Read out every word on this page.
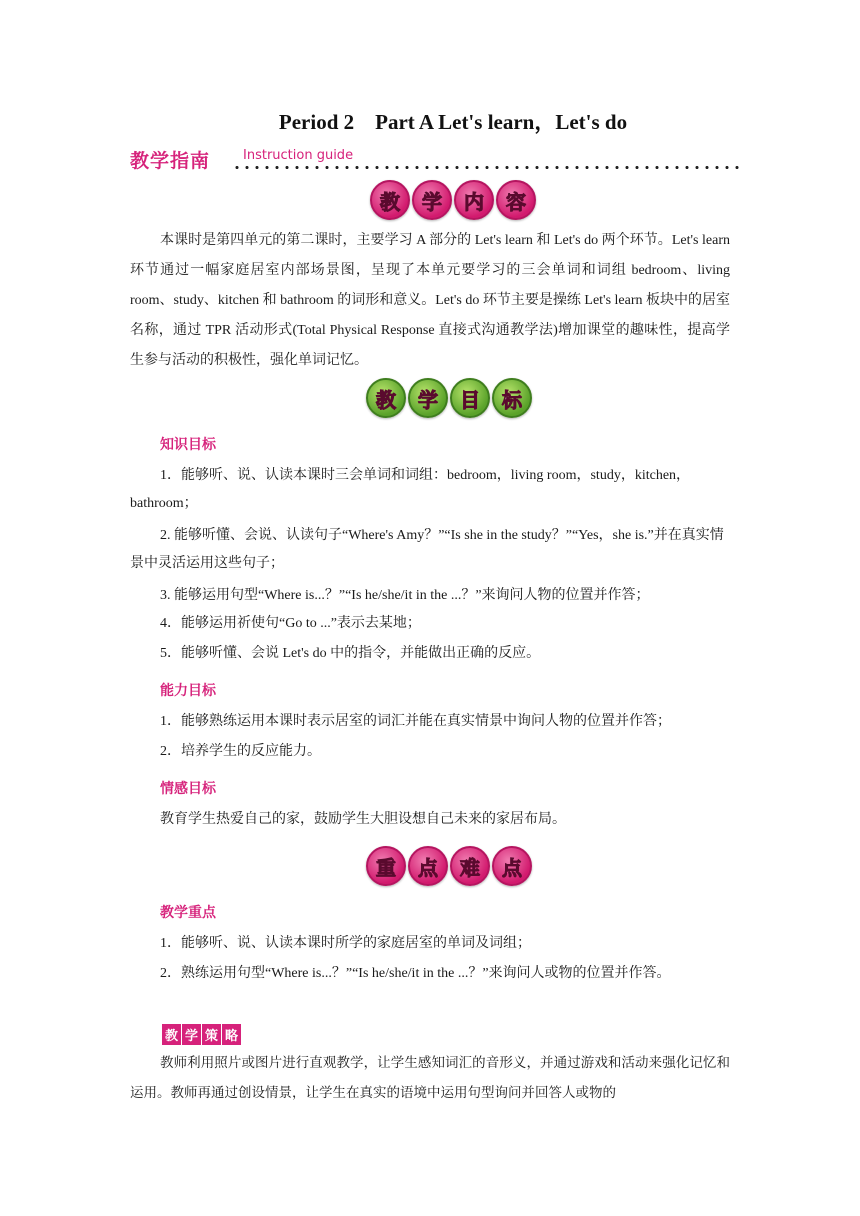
Period 2　Part A Let's learn，Let's do
教学指南	Instruction guide
教	学	内	容
本课时是第四单元的第二课时，主要学习 A 部分的 Let's learn 和 Let's do 两个环节。Let's learn 环节通过一幅家庭居室内部场景图，呈现了本单元要学习的三会单词和词组 bedroom、living room、study、kitchen 和 bathroom 的词形和意义。Let's do 环节主要是操练 Let's learn 板块中的居室名称，通过 TPR 活动形式(Total Physical Response 直接式沟通教学法)增加课堂的趣味性，提高学生参与活动的积极性，强化单词记忆。
教	学	目	标
知识目标
1．能够听、说、认读本课时三会单词和词组：bedroom，living room，study，kitchen，bathroom；
2. 能够听懂、会说、认读句子“Where's Amy？”“Is she in the study？”“Yes，she is.”并在真实情景中灵活运用这些句子；
3. 能够运用句型“Where is...？”“Is he/she/it in the ...？”来询问人物的位置并作答；
4．能够运用祈使句“Go to ...”表示去某地；
5．能够听懂、会说 Let's do 中的指令，并能做出正确的反应。
能力目标
1．能够熟练运用本课时表示居室的词汇并能在真实情景中询问人物的位置并作答；
2．培养学生的反应能力。
情感目标
教育学生热爱自己的家，鼓励学生大胆设想自己未来的家居布局。
重	点	难	点
教学重点
1．能够听、说、认读本课时所学的家庭居室的单词及词组；
2．熟练运用句型“Where is...？”“Is he/she/it in the ...？”来询问人或物的位置并作答。
教 学 策 略
教师利用照片或图片进行直观教学，让学生感知词汇的音形义，并通过游戏和活动来强化记忆和运用。教师再通过创设情景，让学生在真实的语境中运用句型询问并回答人或物的
